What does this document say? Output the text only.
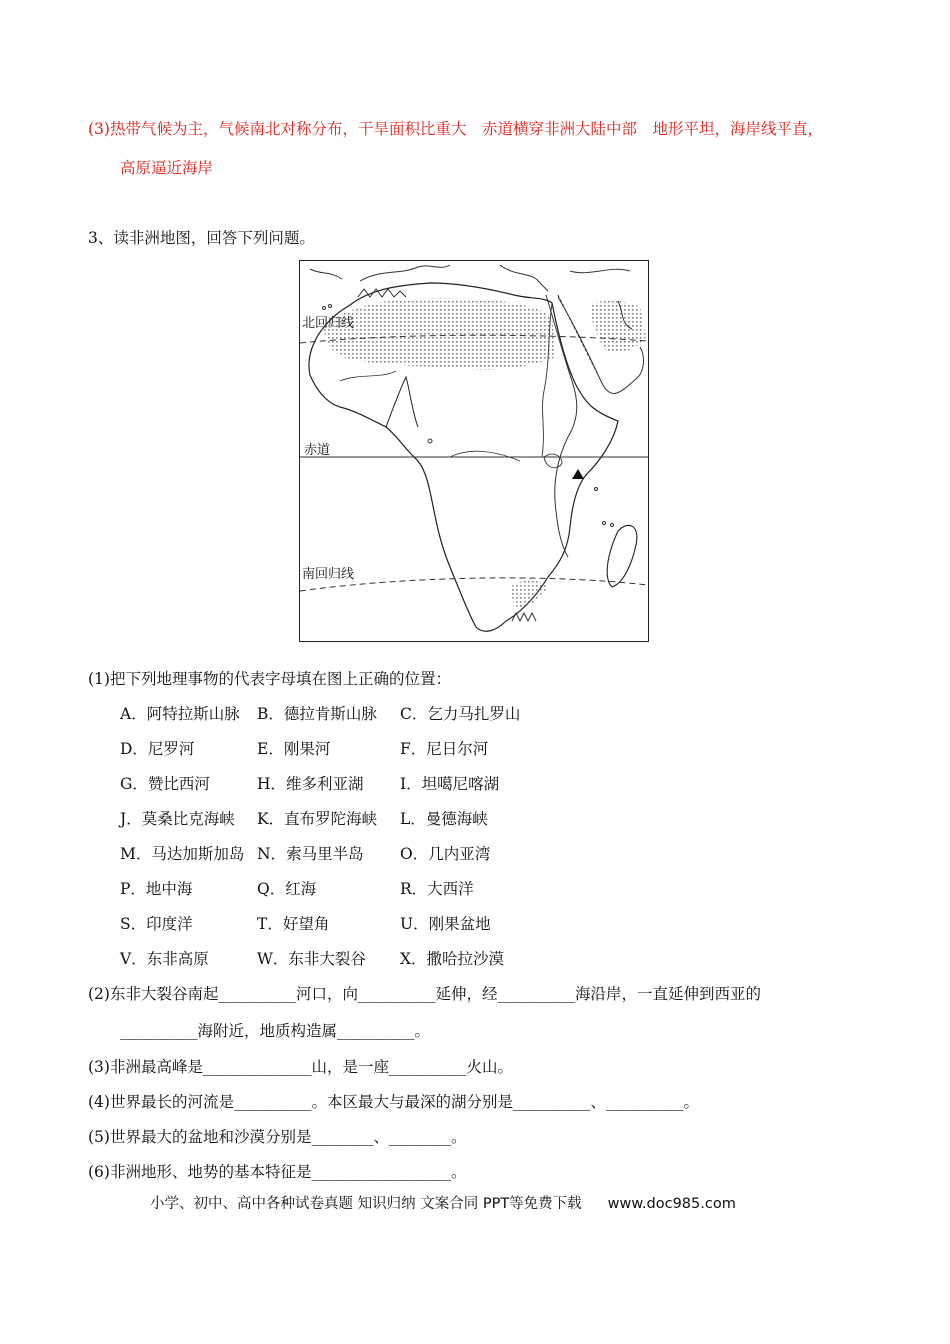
(3)热带气候为主，气候南北对称分布，干旱面积比重大　赤道横穿非洲大陆中部　地形平坦，海岸线平直，
高原逼近海岸
3、读非洲地图，回答下列问题。
北回归线
赤道
南回归线
(1)把下列地理事物的代表字母填在图上正确的位置：
A．阿特拉斯山脉 B．德拉肯斯山脉 C．乞力马扎罗山
D．尼罗河	E．刚果河	F．尼日尔河
G．赞比西河	H．维多利亚湖 I．坦噶尼喀湖
J．莫桑比克海峡 K．直布罗陀海峡 L．曼德海峡
M．马达加斯加岛 N．索马里半岛 O．几内亚湾
P．地中海	Q．红海	R．大西洋
S．印度洋	T．好望角	U．刚果盆地
V．东非高原	W．东非大裂谷 X．撒哈拉沙漠
(2)东非大裂谷南起__________河口，向__________延伸，经__________海沿岸，一直延伸到西亚的
__________海附近，地质构造属__________。
(3)非洲最高峰是______________山，是一座__________火山。
(4)世界最长的河流是__________。本区最大与最深的湖分别是__________、__________。
(5)世界最大的盆地和沙漠分别是________、________。
(6)非洲地形、地势的基本特征是__________________。
小学、初中、高中各种试卷真题 知识归纳 文案合同 PPT等免费下载 www.doc985.com
